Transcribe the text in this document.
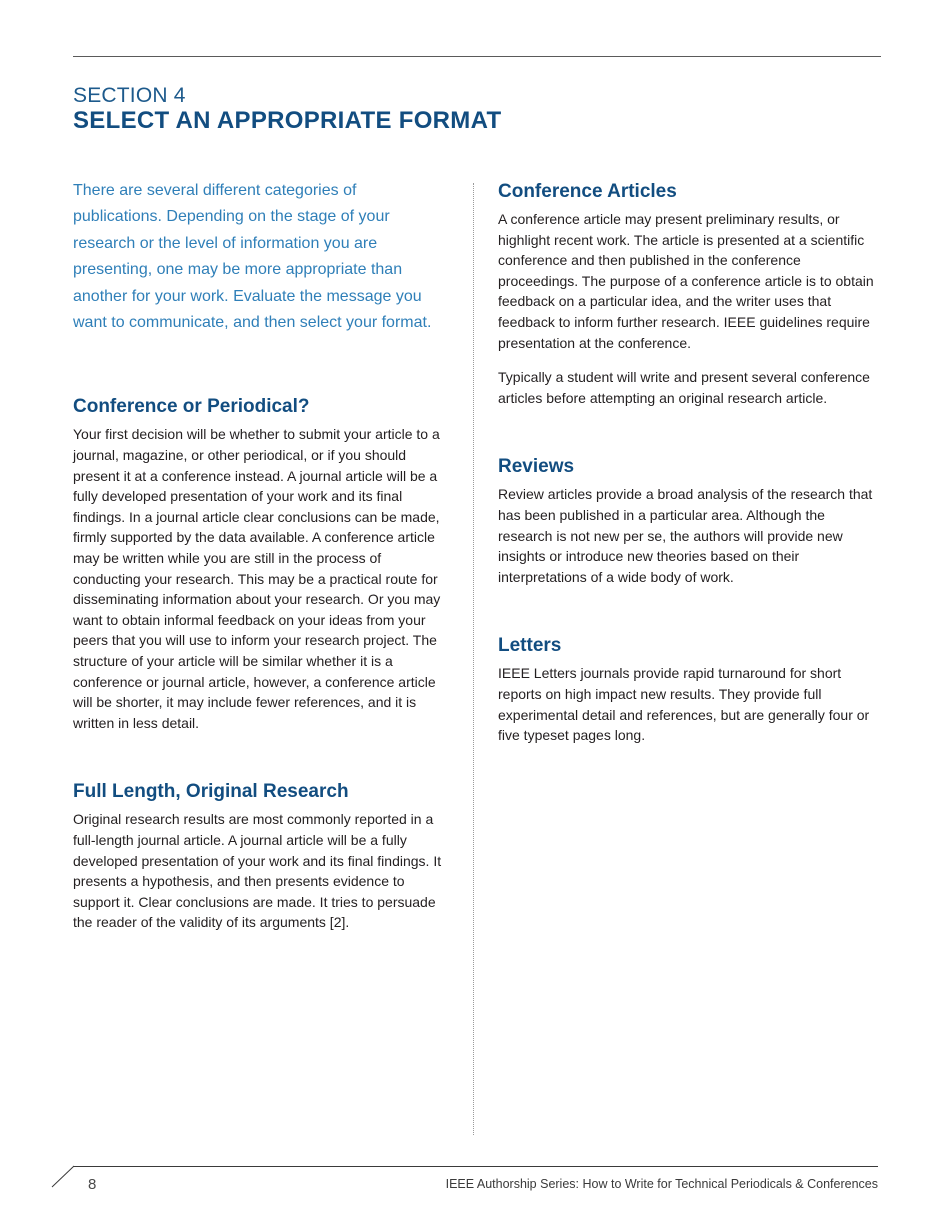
SECTION 4
SELECT AN APPROPRIATE FORMAT

There are several different categories of publications. Depending on the stage of your research or the level of information you are presenting, one may be more appropriate than another for your work. Evaluate the message you want to communicate, and then select your format.

Conference or Periodical?

Your first decision will be whether to submit your article to a journal, magazine, or other periodical, or if you should present it at a conference instead. A journal article will be a fully developed presentation of your work and its final findings. In a journal article clear conclusions can be made, firmly supported by the data available. A conference article may be written while you are still in the process of conducting your research. This may be a practical route for disseminating information about your research. Or you may want to obtain informal feedback on your ideas from your peers that you will use to inform your research project. The structure of your article will be similar whether it is a conference or journal article, however, a conference article will be shorter, it may include fewer references, and it is written in less detail.

Full Length, Original Research

Original research results are most commonly reported in a full-length journal article. A journal article will be a fully developed presentation of your work and its final findings. It presents a hypothesis, and then presents evidence to support it. Clear conclusions are made. It tries to persuade the reader of the validity of its arguments [2].

Conference Articles

A conference article may present preliminary results, or highlight recent work. The article is presented at a scientific conference and then published in the conference proceedings. The purpose of a conference article is to obtain feedback on a particular idea, and the writer uses that feedback to inform further research. IEEE guidelines require presentation at the conference.

Typically a student will write and present several conference articles before attempting an original research article.

Reviews

Review articles provide a broad analysis of the research that has been published in a particular area. Although the research is not new per se, the authors will provide new insights or introduce new theories based on their interpretations of a wide body of work.

Letters

IEEE Letters journals provide rapid turnaround for short reports on high impact new results. They provide full experimental detail and references, but are generally four or five typeset pages long.

8	IEEE Authorship Series: How to Write for Technical Periodicals & Conferences
